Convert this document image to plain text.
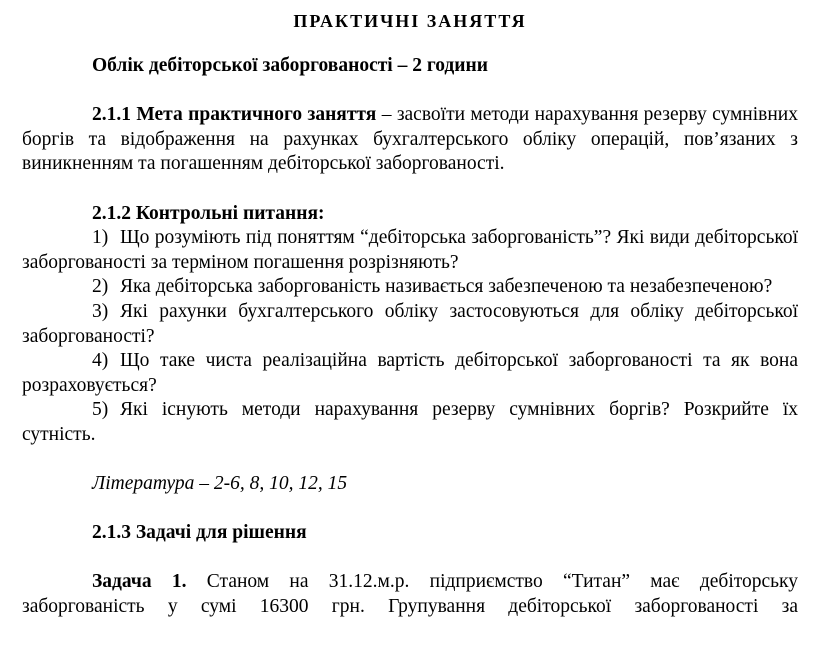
ПРАКТИЧНІ ЗАНЯТТЯ

Облік дебіторської заборгованості – 2 години

2.1.1 Мета практичного заняття – засвоїти методи нарахування резерву сумнівних боргів та відображення на рахунках бухгалтерського обліку операцій, пов’язаних з виникненням та погашенням дебіторської заборгованості.

2.1.2 Контрольні питання:

1) Що розуміють під поняттям “дебіторська заборгованість”? Які види дебіторської заборгованості за терміном погашення розрізняють?

2) Яка дебіторська заборгованість називається забезпеченою та незабезпеченою?

3) Які рахунки бухгалтерського обліку застосовуються для обліку дебіторської заборгованості?

4) Що таке чиста реалізаційна вартість дебіторської заборгованості та як вона розраховується?

5) Які існують методи нарахування резерву сумнівних боргів? Розкрийте їх сутність.

Література – 2-6, 8, 10, 12, 15

2.1.3 Задачі для рішення

Задача 1. Станом на 31.12.м.р. підприємство “Титан” має дебіторську заборгованість у сумі 16300 грн. Групування дебіторської заборгованості за
